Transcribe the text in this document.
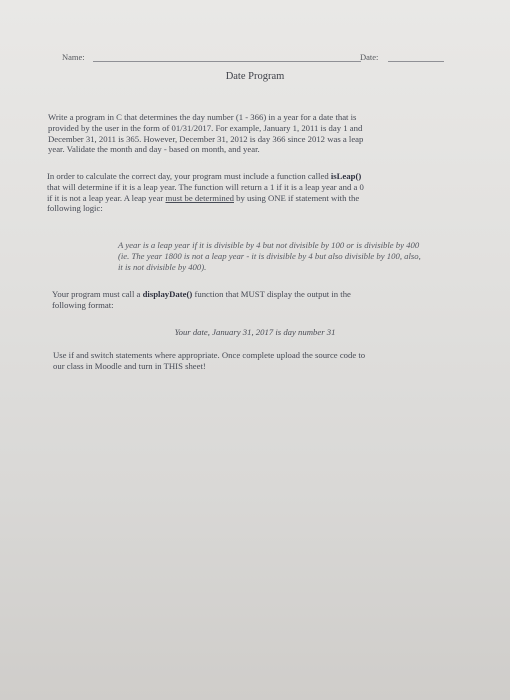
Name:	Date:
Date Program
Write a program in C that determines the day number (1 - 366) in a year for a date that is
provided by the user in the form of 01/31/2017. For example, January 1, 2011 is day 1 and
December 31, 2011 is 365. However, December 31, 2012 is day 366 since 2012 was a leap
year. Validate the month and day - based on month, and year.
In order to calculate the correct day, your program must include a function called isLeap()
that will determine if it is a leap year. The function will return a 1 if it is a leap year and a 0
if it is not a leap year. A leap year must be determined by using ONE if statement with the
following logic:
A year is a leap year if it is divisible by 4 but not divisible by 100 or is divisible by 400
(ie. The year 1800 is not a leap year - it is divisible by 4 but also divisible by 100, also,
it is not divisible by 400).
Your program must call a displayDate() function that MUST display the output in the
following format:
Your date, January 31, 2017 is day number 31
Use if and switch statements where appropriate. Once complete upload the source code to
our class in Moodle and turn in THIS sheet!
